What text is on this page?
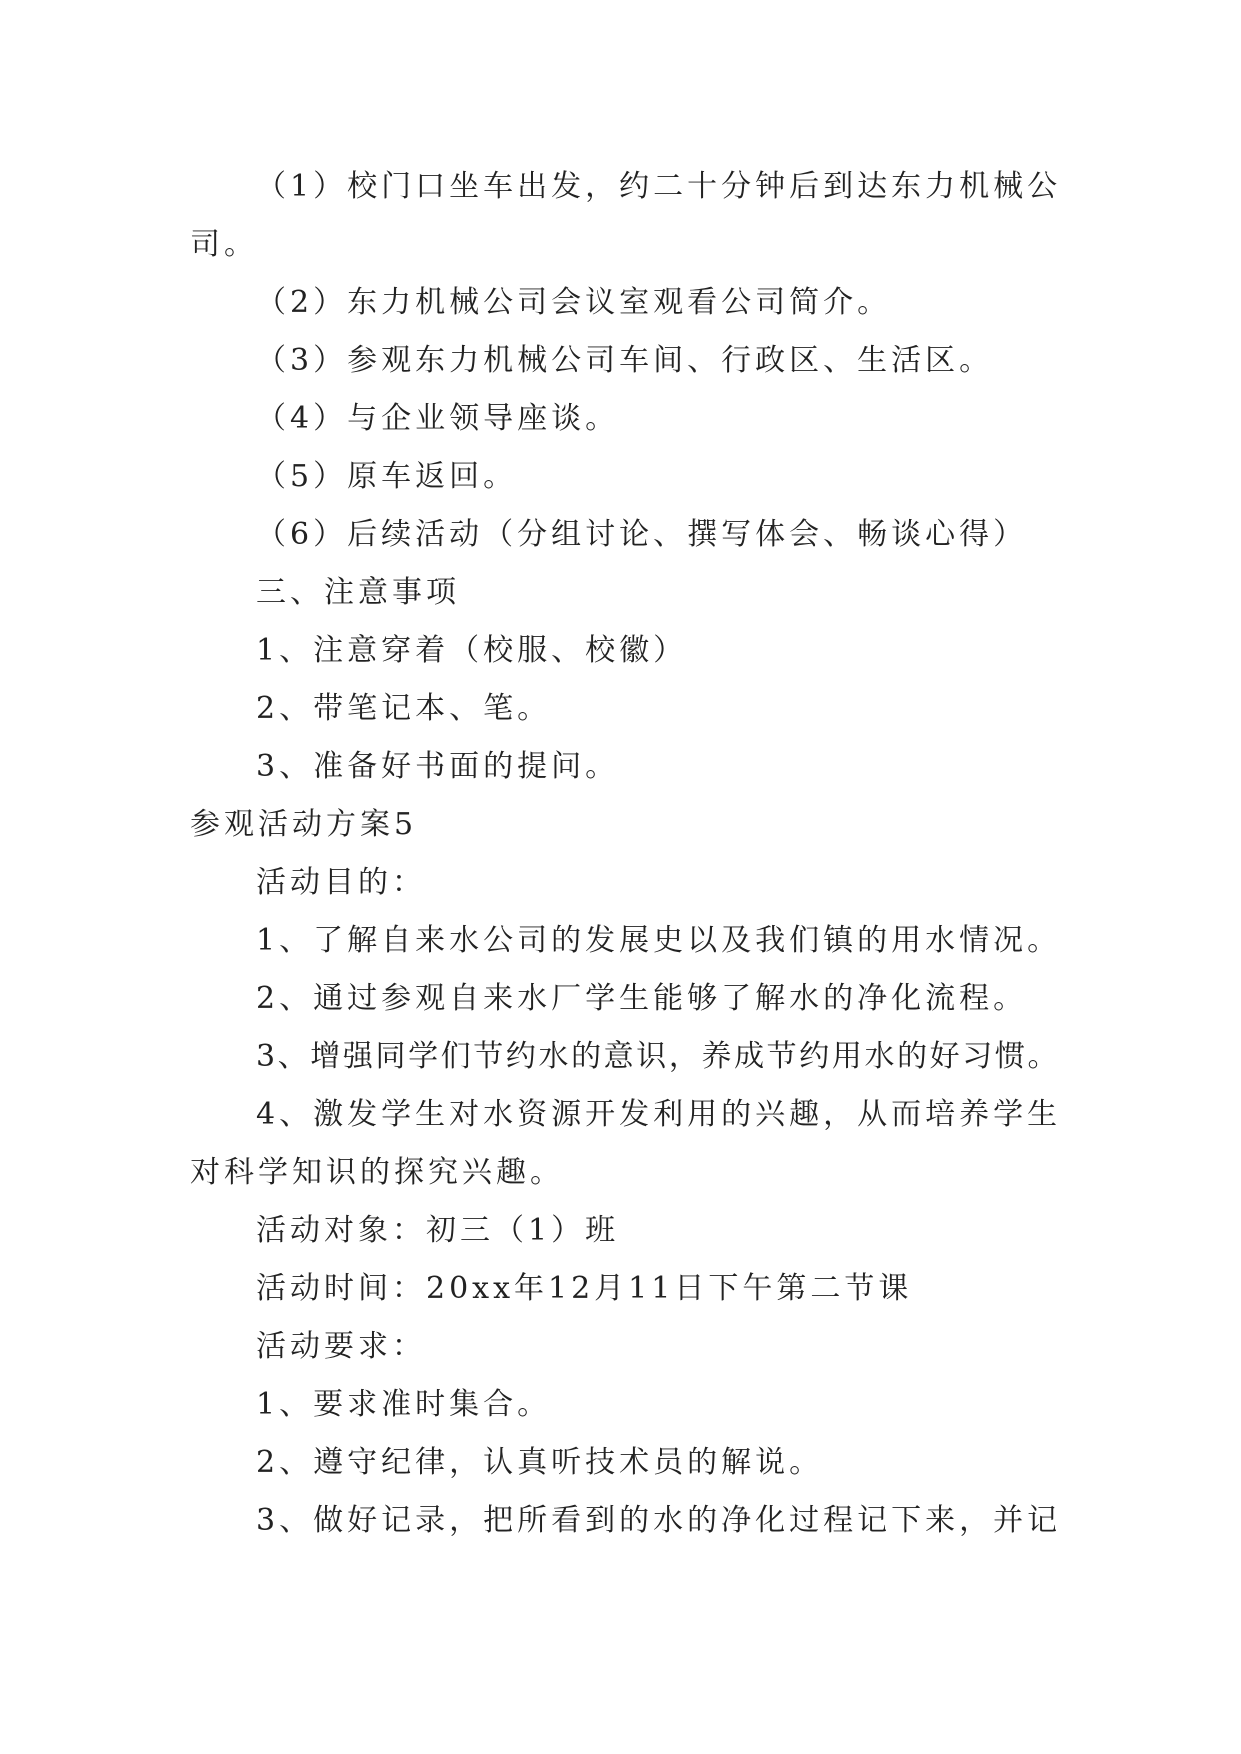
（1）校门口坐车出发，约二十分钟后到达东力机械公司。

（2）东力机械公司会议室观看公司简介。

（3）参观东力机械公司车间、行政区、生活区。

（4）与企业领导座谈。

（5）原车返回。

（6）后续活动（分组讨论、撰写体会、畅谈心得）

三、注意事项

1、注意穿着（校服、校徽）

2、带笔记本、笔。

3、准备好书面的提问。

参观活动方案5

活动目的：

1、了解自来水公司的发展史以及我们镇的用水情况。

2、通过参观自来水厂学生能够了解水的净化流程。

3、增强同学们节约水的意识，养成节约用水的好习惯。

4、激发学生对水资源开发利用的兴趣，从而培养学生对科学知识的探究兴趣。

活动对象：初三（1）班

活动时间：20xx年12月11日下午第二节课

活动要求：

1、要求准时集合。

2、遵守纪律，认真听技术员的解说。

3、做好记录，把所看到的水的净化过程记下来，并记
